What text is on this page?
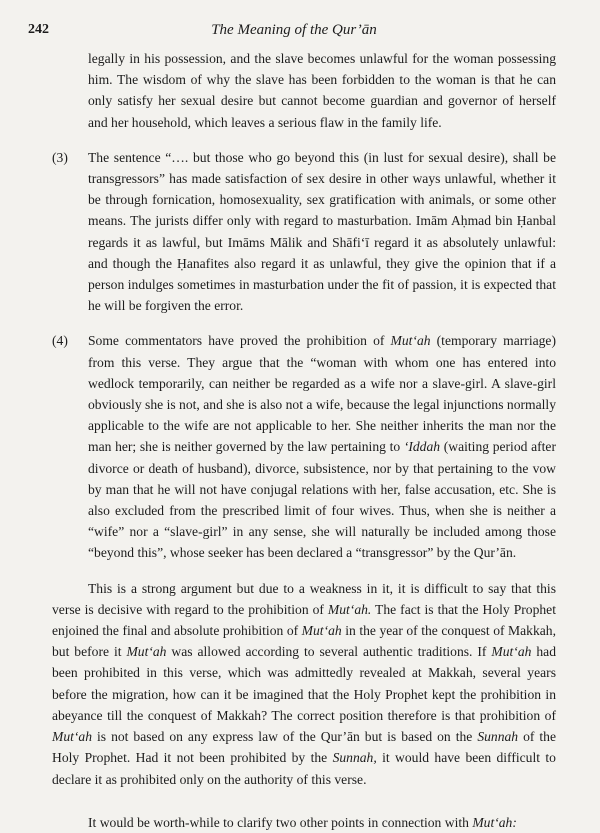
242	The Meaning of the Qur’ān

legally in his possession, and the slave becomes unlawful for the woman possessing him. The wisdom of why the slave has been forbidden to the woman is that he can only satisfy her sexual desire but cannot become guardian and governor of herself and her household, which leaves a serious flaw in the family life.

(3) The sentence “…. but those who go beyond this (in lust for sexual desire), shall be transgressors” has made satisfaction of sex desire in other ways unlawful, whether it be through fornication, homosexuality, sex gratification with animals, or some other means. The jurists differ only with regard to masturbation. Imām Aḥmad bin Ḥanbal regards it as lawful, but Imāms Mālik and Shāfi‘ī regard it as absolutely unlawful: and though the Ḥanafites also regard it as unlawful, they give the opinion that if a person indulges sometimes in masturbation under the fit of passion, it is expected that he will be forgiven the error.

(4) Some commentators have proved the prohibition of Mut‘ah (temporary marriage) from this verse. They argue that the “woman with whom one has entered into wedlock temporarily, can neither be regarded as a wife nor a slave-girl. A slave-girl obviously she is not, and she is also not a wife, because the legal injunctions normally applicable to the wife are not applicable to her. She neither inherits the man nor the man her; she is neither governed by the law pertaining to ‘Iddah (waiting period after divorce or death of husband), divorce, subsistence, nor by that pertaining to the vow by man that he will not have conjugal relations with her, false accusation, etc. She is also excluded from the prescribed limit of four wives. Thus, when she is neither a “wife” nor a “slave-girl” in any sense, she will naturally be included among those “beyond this”, whose seeker has been declared a “transgressor” by the Qur’ān.

This is a strong argument but due to a weakness in it, it is difficult to say that this verse is decisive with regard to the prohibition of Mut‘ah. The fact is that the Holy Prophet enjoined the final and absolute prohibition of Mut‘ah in the year of the conquest of Makkah, but before it Mut‘ah was allowed according to several authentic traditions. If Mut‘ah had been prohibited in this verse, which was admittedly revealed at Makkah, several years before the migration, how can it be imagined that the Holy Prophet kept the prohibition in abeyance till the conquest of Makkah? The correct position therefore is that prohibition of Mut‘ah is not based on any express law of the Qur’ān but is based on the Sunnah of the Holy Prophet. Had it not been prohibited by the Sunnah, it would have been difficult to declare it as prohibited only on the authority of this verse.

It would be worth-while to clarify two other points in connection with Mut‘ah:
